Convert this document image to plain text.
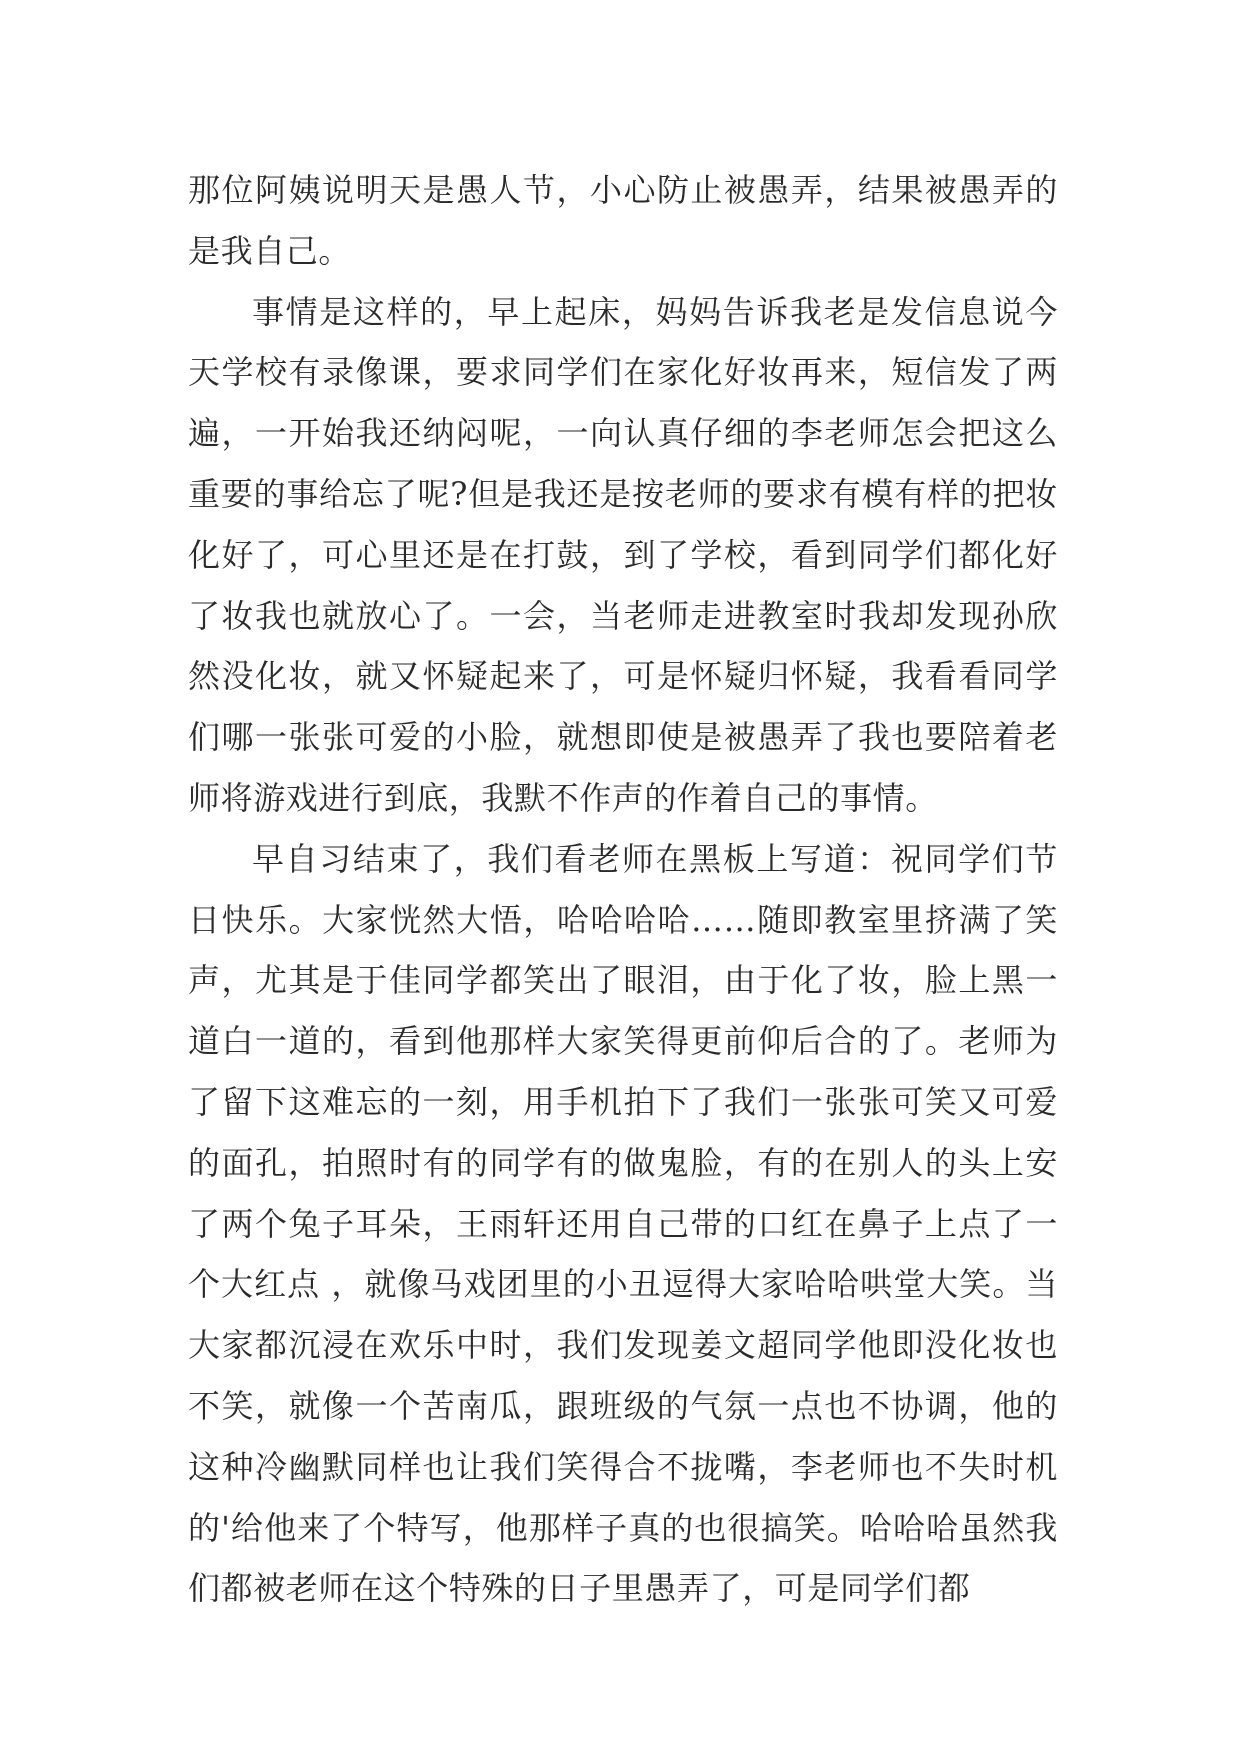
那位阿姨说明天是愚人节，小心防止被愚弄，结果被愚弄的是我自己。

事情是这样的，早上起床，妈妈告诉我老是发信息说今天学校有录像课，要求同学们在家化好妆再来，短信发了两遍，一开始我还纳闷呢，一向认真仔细的李老师怎会把这么重要的事给忘了呢?但是我还是按老师的要求有模有样的把妆化好了，可心里还是在打鼓，到了学校，看到同学们都化好了妆我也就放心了。一会，当老师走进教室时我却发现孙欣然没化妆，就又怀疑起来了，可是怀疑归怀疑，我看看同学们哪一张张可爱的小脸，就想即使是被愚弄了我也要陪着老师将游戏进行到底，我默不作声的作着自己的事情。

早自习结束了，我们看老师在黑板上写道：祝同学们节日快乐。大家恍然大悟，哈哈哈哈……随即教室里挤满了笑声，尤其是于佳同学都笑出了眼泪，由于化了妆，脸上黑一道白一道的，看到他那样大家笑得更前仰后合的了。老师为了留下这难忘的一刻，用手机拍下了我们一张张可笑又可爱的面孔，拍照时有的同学有的做鬼脸，有的在别人的头上安了两个兔子耳朵，王雨轩还用自己带的口红在鼻子上点了一个大红点 ，就像马戏团里的小丑逗得大家哈哈哄堂大笑。当大家都沉浸在欢乐中时，我们发现姜文超同学他即没化妆也不笑，就像一个苦南瓜，跟班级的气氛一点也不协调，他的这种冷幽默同样也让我们笑得合不拢嘴，李老师也不失时机的'给他来了个特写，他那样子真的也很搞笑。哈哈哈虽然我们都被老师在这个特殊的日子里愚弄了，可是同学们都
